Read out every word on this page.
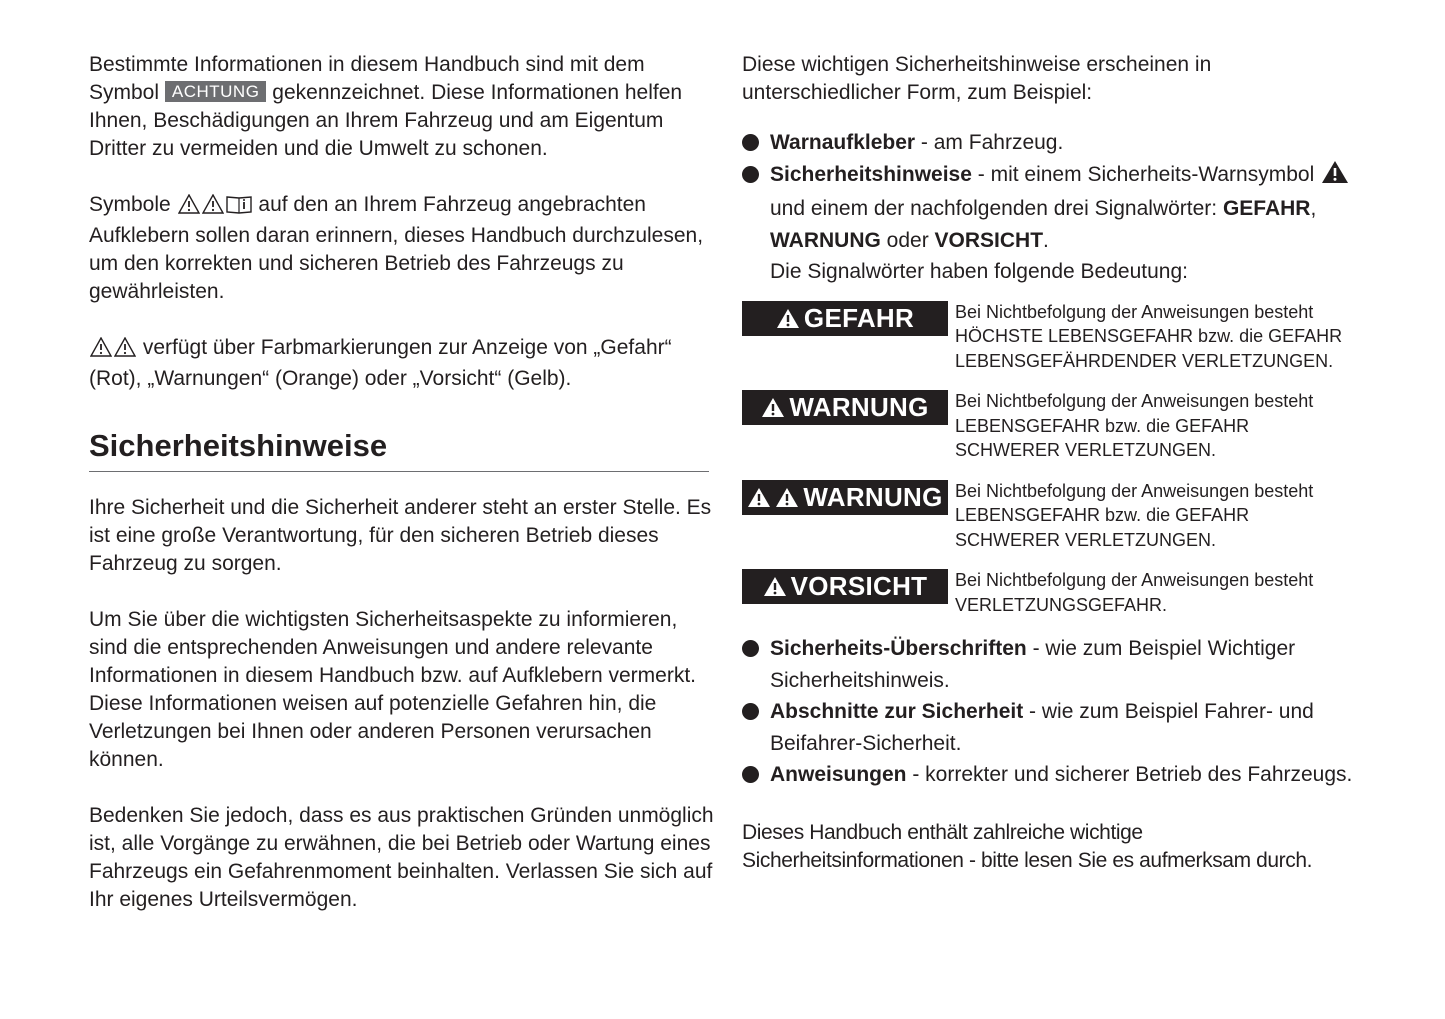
Bestimmte Informationen in diesem Handbuch sind mit dem Symbol ACHTUNG gekennzeichnet. Diese Informationen helfen Ihnen, Beschädigungen an Ihrem Fahrzeug und am Eigentum Dritter zu vermeiden und die Umwelt zu schonen.

Symbole	auf den an Ihrem Fahrzeug angebrachten Aufklebern sollen daran erinnern, dieses Handbuch durchzulesen, um den korrekten und sicheren Betrieb des Fahrzeugs zu gewährleisten.

verfügt über Farbmarkierungen zur Anzeige von „Gefahr“ (Rot), „Warnungen“ (Orange) oder „Vorsicht“ (Gelb).

Sicherheitshinweise

Ihre Sicherheit und die Sicherheit anderer steht an erster Stelle. Es ist eine große Verantwortung, für den sicheren Betrieb dieses Fahrzeug zu sorgen.

Um Sie über die wichtigsten Sicherheitsaspekte zu informieren, sind die entsprechenden Anweisungen und andere relevante Informationen in diesem Handbuch bzw. auf Aufklebern vermerkt. Diese Informationen weisen auf potenzielle Gefahren hin, die Verletzungen bei Ihnen oder anderen Personen verursachen können.

Bedenken Sie jedoch, dass es aus praktischen Gründen unmöglich ist, alle Vorgänge zu erwähnen, die bei Betrieb oder Wartung eines Fahrzeugs ein Gefahrenmoment beinhalten. Verlassen Sie sich auf Ihr eigenes Urteilsvermögen.

Diese wichtigen Sicherheitshinweise erscheinen in unterschiedlicher Form, zum Beispiel:

Warnaufkleber - am Fahrzeug.
Sicherheitshinweise - mit einem Sicherheits-Warnsymbol
und einem der nachfolgenden drei Signalwörter: GEFAHR,
WARNUNG oder VORSICHT.
Die Signalwörter haben folgende Bedeutung:
GEFAHR Bei Nichtbefolgung der Anweisungen besteht HÖCHSTE LEBENSGEFAHR bzw. die GEFAHR LEBENSGEFÄHRDENDER VERLETZUNGEN.
WARNUNG Bei Nichtbefolgung der Anweisungen besteht LEBENSGEFAHR bzw. die GEFAHR SCHWERER VERLETZUNGEN.
WARNUNG Bei Nichtbefolgung der Anweisungen besteht LEBENSGEFAHR bzw. die GEFAHR SCHWERER VERLETZUNGEN.
VORSICHT Bei Nichtbefolgung der Anweisungen besteht VERLETZUNGSGEFAHR.
Sicherheits-Überschriften - wie zum Beispiel Wichtiger Sicherheitshinweis.
Abschnitte zur Sicherheit - wie zum Beispiel Fahrer- und Beifahrer-Sicherheit.
Anweisungen - korrekter und sicherer Betrieb des Fahrzeugs.

Dieses Handbuch enthält zahlreiche wichtige Sicherheitsinformationen - bitte lesen Sie es aufmerksam durch.
